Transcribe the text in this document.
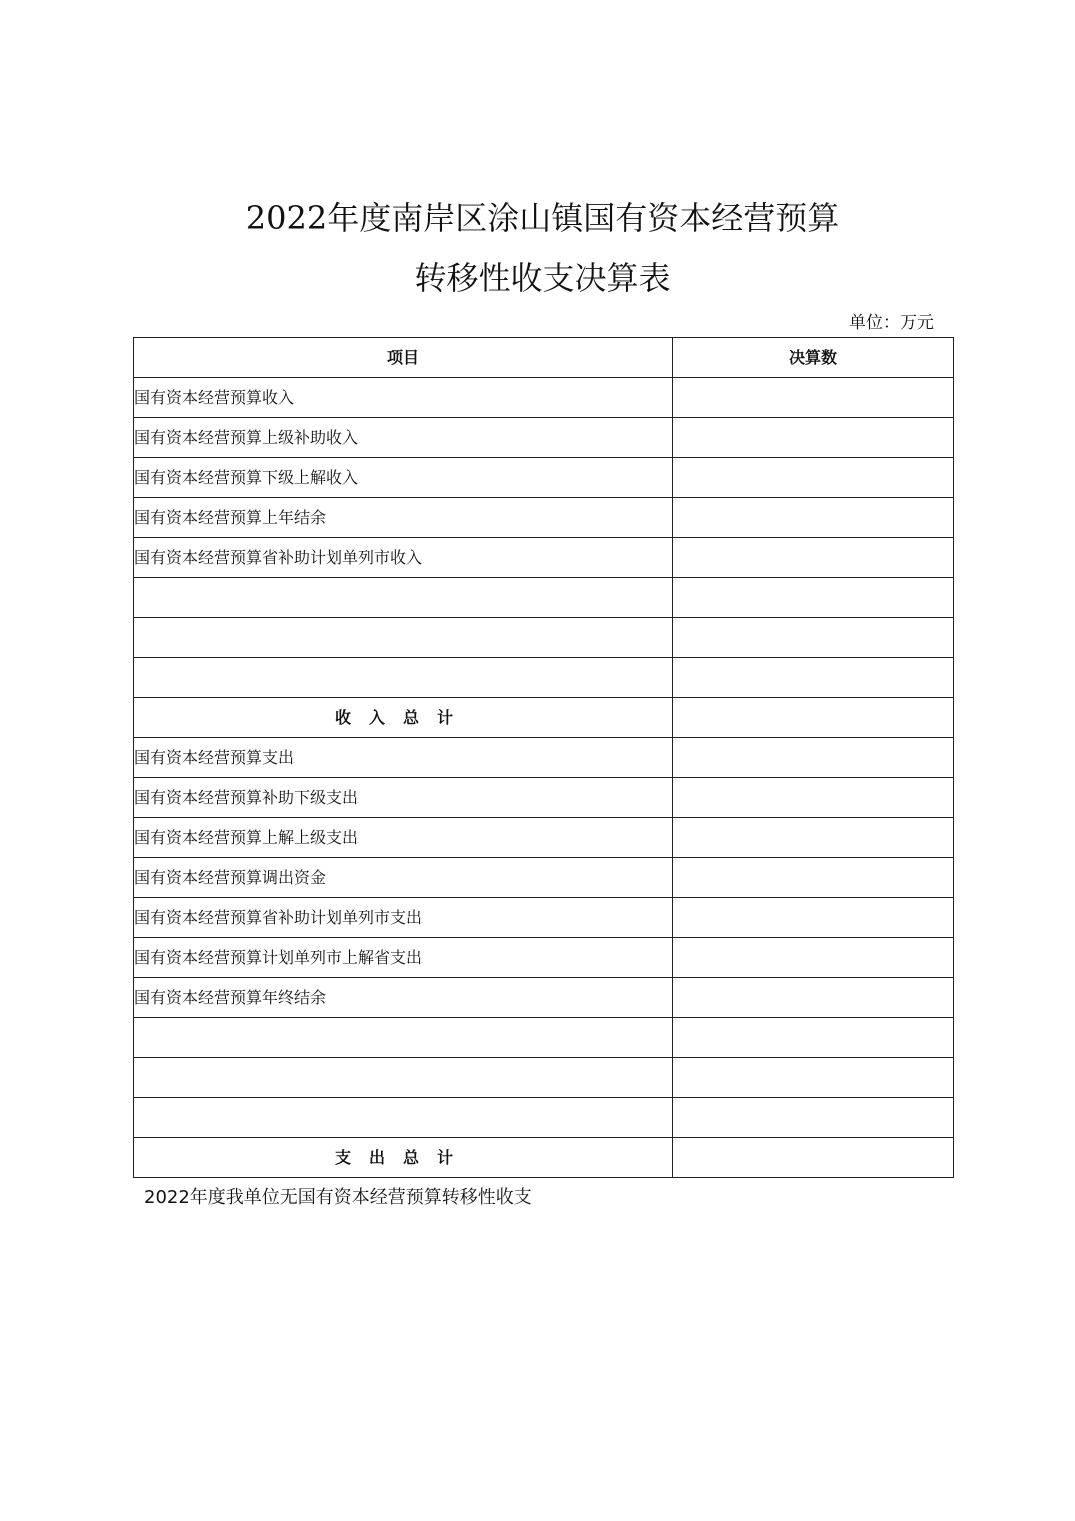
2022年度南岸区涂山镇国有资本经营预算
转移性收支决算表
单位：万元
项目	决算数
国有资本经营预算收入	
国有资本经营预算上级补助收入	
国有资本经营预算下级上解收入	
国有资本经营预算上年结余	
国有资本经营预算省补助计划单列市收入	

收入总计	
国有资本经营预算支出	
国有资本经营预算补助下级支出	
国有资本经营预算上解上级支出	
国有资本经营预算调出资金	
国有资本经营预算省补助计划单列市支出	
国有资本经营预算计划单列市上解省支出	
国有资本经营预算年终结余	

支出总计	
2022年度我单位无国有资本经营预算转移性收支
